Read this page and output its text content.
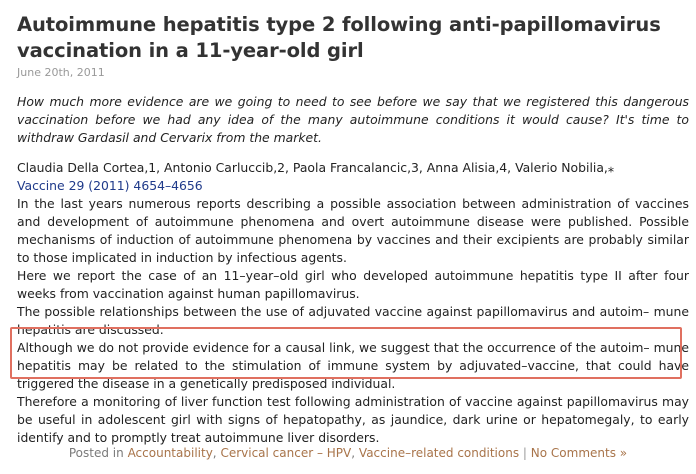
Autoimmune hepatitis type 2 following anti-papillomavirus vaccination in a 11-year-old girl
June 20th, 2011
How much more evidence are we going to need to see before we say that we registered this dangerous vaccination before we had any idea of the many autoimmune conditions it would cause? It's time to withdraw Gardasil and Cervarix from the market.
Claudia Della Cortea,1, Antonio Carluccib,2, Paola Francalancic,3, Anna Alisia,4, Valerio Nobilia,⁎
Vaccine 29 (2011) 4654–4656
In the last years numerous reports describing a possible association between administration of vaccines and development of autoimmune phenomena and overt autoimmune disease were published. Possible mechanisms of induction of autoimmune phenomena by vaccines and their excipients are probably similar to those implicated in induction by infectious agents.
Here we report the case of an 11–year–old girl who developed autoimmune hepatitis type II after four weeks from vaccination against human papillomavirus.
The possible relationships between the use of adjuvated vaccine against papillomavirus and autoim– mune hepatitis are discussed.
Although we do not provide evidence for a causal link, we suggest that the occurrence of the autoim– mune hepatitis may be related to the stimulation of immune system by adjuvated–vaccine, that could have triggered the disease in a genetically predisposed individual.
Therefore a monitoring of liver function test following administration of vaccine against papillomavirus may be useful in adolescent girl with signs of hepatopathy, as jaundice, dark urine or hepatomegaly, to early identify and to promptly treat autoimmune liver disorders.
Posted in Accountability, Cervical cancer – HPV, Vaccine–related conditions | No Comments »
